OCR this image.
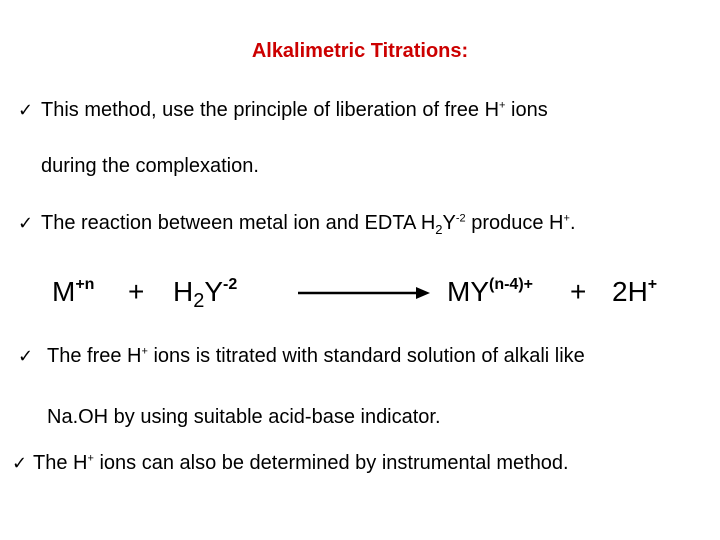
Alkalimetric Titrations:
✓ This method, use the principle of liberation of free H+ ions
during the complexation.
✓ The reaction between metal ion and EDTA $H_2Y^{-2}$ produce H+.
$M^{+n} + H_2Y^{-2}$	$MY^{(n-4)+} + 2H^+$
✓ The free H+ ions is titrated with standard solution of alkali like
Na.OH by using suitable acid-base indicator.
✓ The H+ ions can also be determined by instrumental method.
